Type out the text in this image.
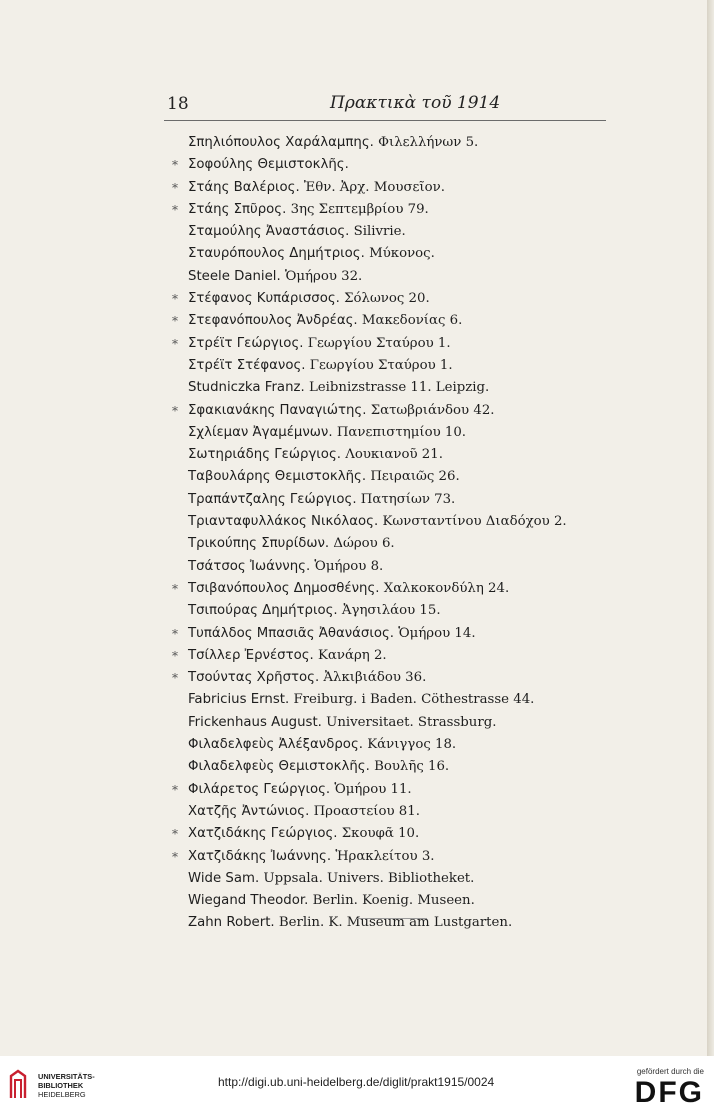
18	Πρακτικὰ τοῦ 1914
Σπηλιόπουλος Χαράλαμπης. Φιλελλήνων 5.
* Σοφούλης Θεμιστοκλῆς.
* Στάης Βαλέριος. Ἐθν. Ἀρχ. Μουσεῖον.
* Στάης Σπῦρος. 3ης Σεπτεμβρίου 79.
Σταμούλης Ἀναστάσιος. Silivrie.
Σταυρόπουλος Δημήτριος. Μύκονος.
Steele Daniel. Ὁμήρου 32.
* Στέφανος Κυπάρισσος. Σόλωνος 20.
* Στεφανόπουλος Ἀνδρέας. Μακεδονίας 6.
* Στρέϊτ Γεώργιος. Γεωργίου Σταύρου 1.
Στρέϊτ Στέφανος. Γεωργίου Σταύρου 1.
Studniczka Franz. Leibnizstrasse 11. Leipzig.
* Σφακιανάκης Παναγιώτης. Σατωβριάνδου 42.
Σχλίεμαν Ἀγαμέμνων. Πανεπιστημίου 10.
Σωτηριάδης Γεώργιος. Λουκιανοῦ 21.
Ταβουλάρης Θεμιστοκλῆς. Πειραιῶς 26.
Τραπάντζαλης Γεώργιος. Πατησίων 73.
Τριανταφυλλάκος Νικόλαος. Κωνσταντίνου Διαδόχου 2.
Τρικούπης Σπυρίδων. Δώρου 6.
Τσάτσος Ἰωάννης. Ὁμήρου 8.
* Τσιβανόπουλος Δημοσθένης. Χαλκοκονδύλη 24.
Τσιπούρας Δημήτριος. Ἀγησιλάου 15.
* Τυπάλδος Μπασιᾶς Ἀθανάσιος. Ὁμήρου 14.
* Τσίλλερ Ἐρνέστος. Κανάρη 2.
* Τσούντας Χρῆστος. Ἀλκιβιάδου 36.
Fabricius Ernst. Freiburg. i Baden. Cöthestrasse 44.
Frickenhaus August. Universitaet. Strassburg.
Φιλαδελφεὺς Ἀλέξανδρος. Κάνιγγος 18.
Φιλαδελφεὺς Θεμιστοκλῆς. Βουλῆς 16.
* Φιλάρετος Γεώργιος. Ὁμήρου 11.
Χατζῆς Ἀντώνιος. Προαστείου 81.
* Χατζιδάκης Γεώργιος. Σκουφᾶ 10.
* Χατζιδάκης Ἰωάννης. Ἡρακλείτου 3.
Wide Sam. Uppsala. Univers. Bibliotheket.
Wiegand Theodor. Berlin. Koenig. Museen.
Zahn Robert. Berlin. K. Museum am Lustgarten.
UNIVERSITÄTS-
BIBLIOTHEK
HEIDELBERG
http://digi.ub.uni-heidelberg.de/diglit/prakt1915/0024
gefördert durch die
DFG
